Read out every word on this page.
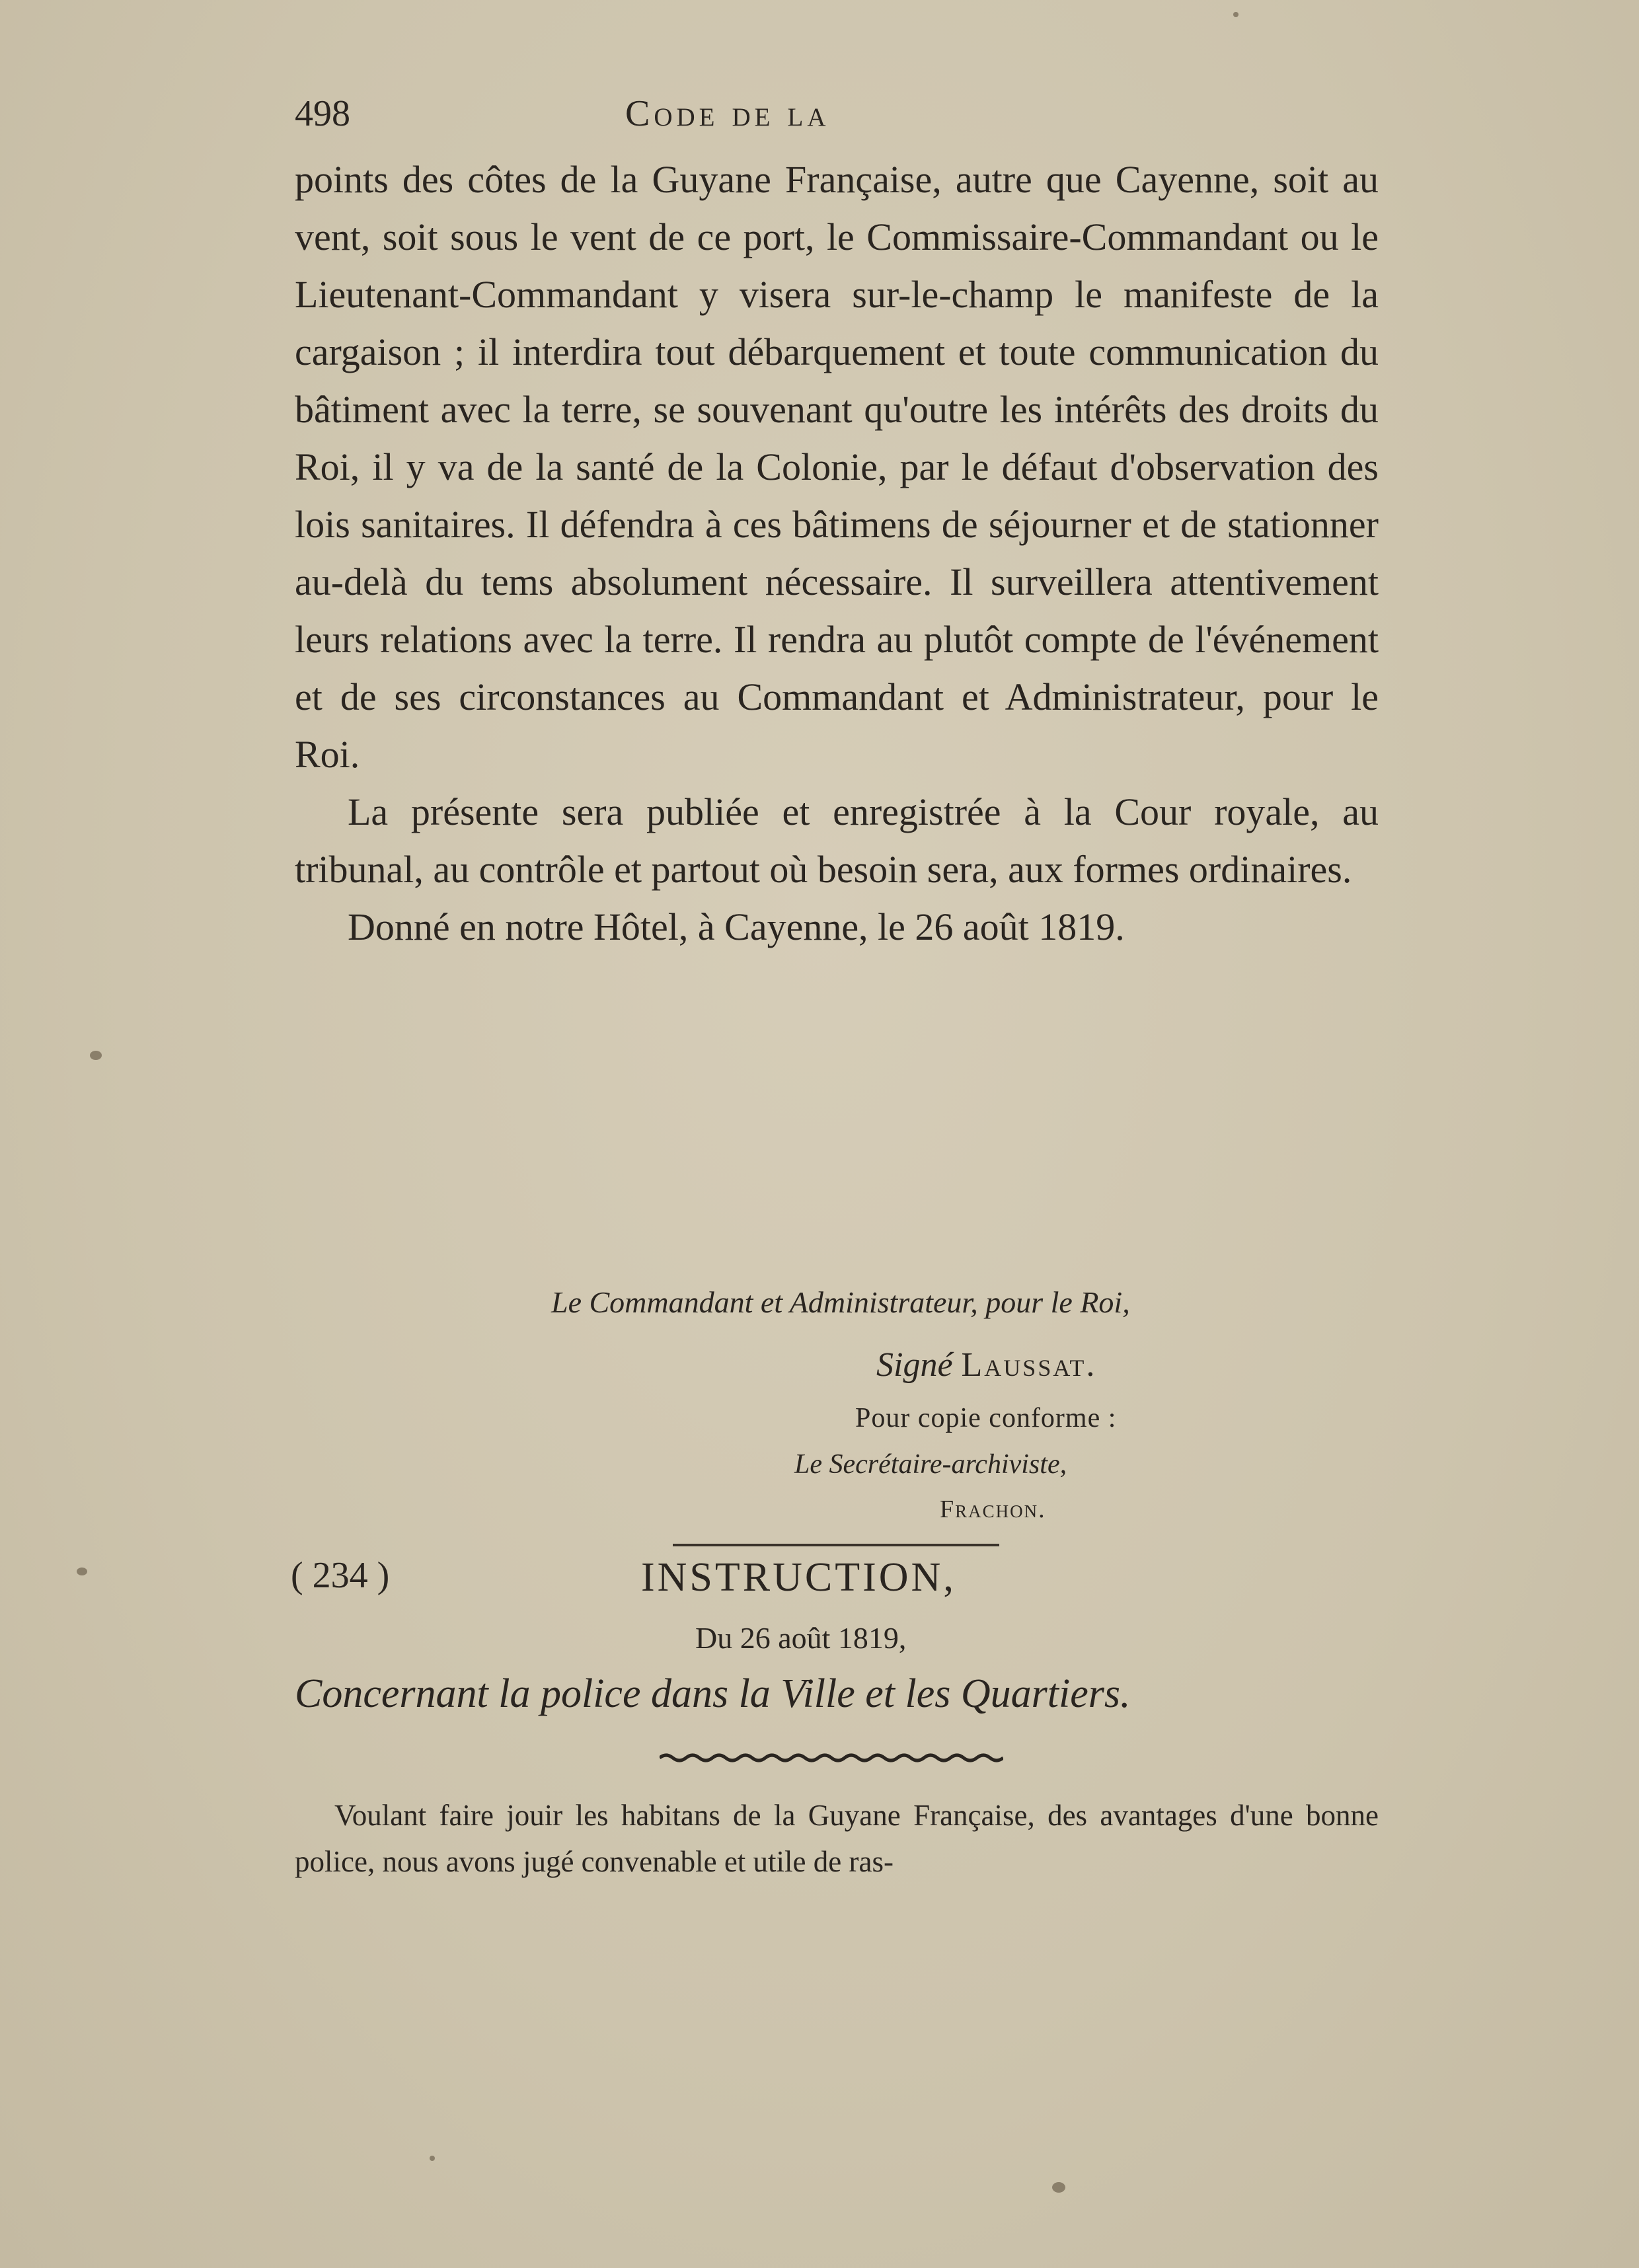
498	Code de la

points des côtes de la Guyane Française, autre que Cayenne, soit au vent, soit sous le vent de ce port, le Commissaire-Commandant ou le Lieutenant-Commandant y visera sur-le-champ le manifeste de la cargaison ; il interdira tout débarquement et toute communication du bâtiment avec la terre, se souvenant qu'outre les intérêts des droits du Roi, il y va de la santé de la Colonie, par le défaut d'observation des lois sanitaires. Il défendra à ces bâtimens de séjourner et de stationner au-delà du tems absolument nécessaire. Il surveillera attentivement leurs relations avec la terre. Il rendra au plutôt compte de l'événement et de ses circonstances au Commandant et Administrateur, pour le Roi.

La présente sera publiée et enregistrée à la Cour royale, au tribunal, au contrôle et partout où besoin sera, aux formes ordinaires.

Donné en notre Hôtel, à Cayenne, le 26 août 1819.

Le Commandant et Administrateur, pour le Roi,
Signé Laussat.
Pour copie conforme :
Le Secrétaire-archiviste,
Frachon.
( 234 )	INSTRUCTION,
Du 26 août 1819,
Concernant la police dans la Ville et les Quartiers.

Voulant faire jouir les habitans de la Guyane Française, des avantages d'une bonne police, nous avons jugé convenable et utile de ras-
